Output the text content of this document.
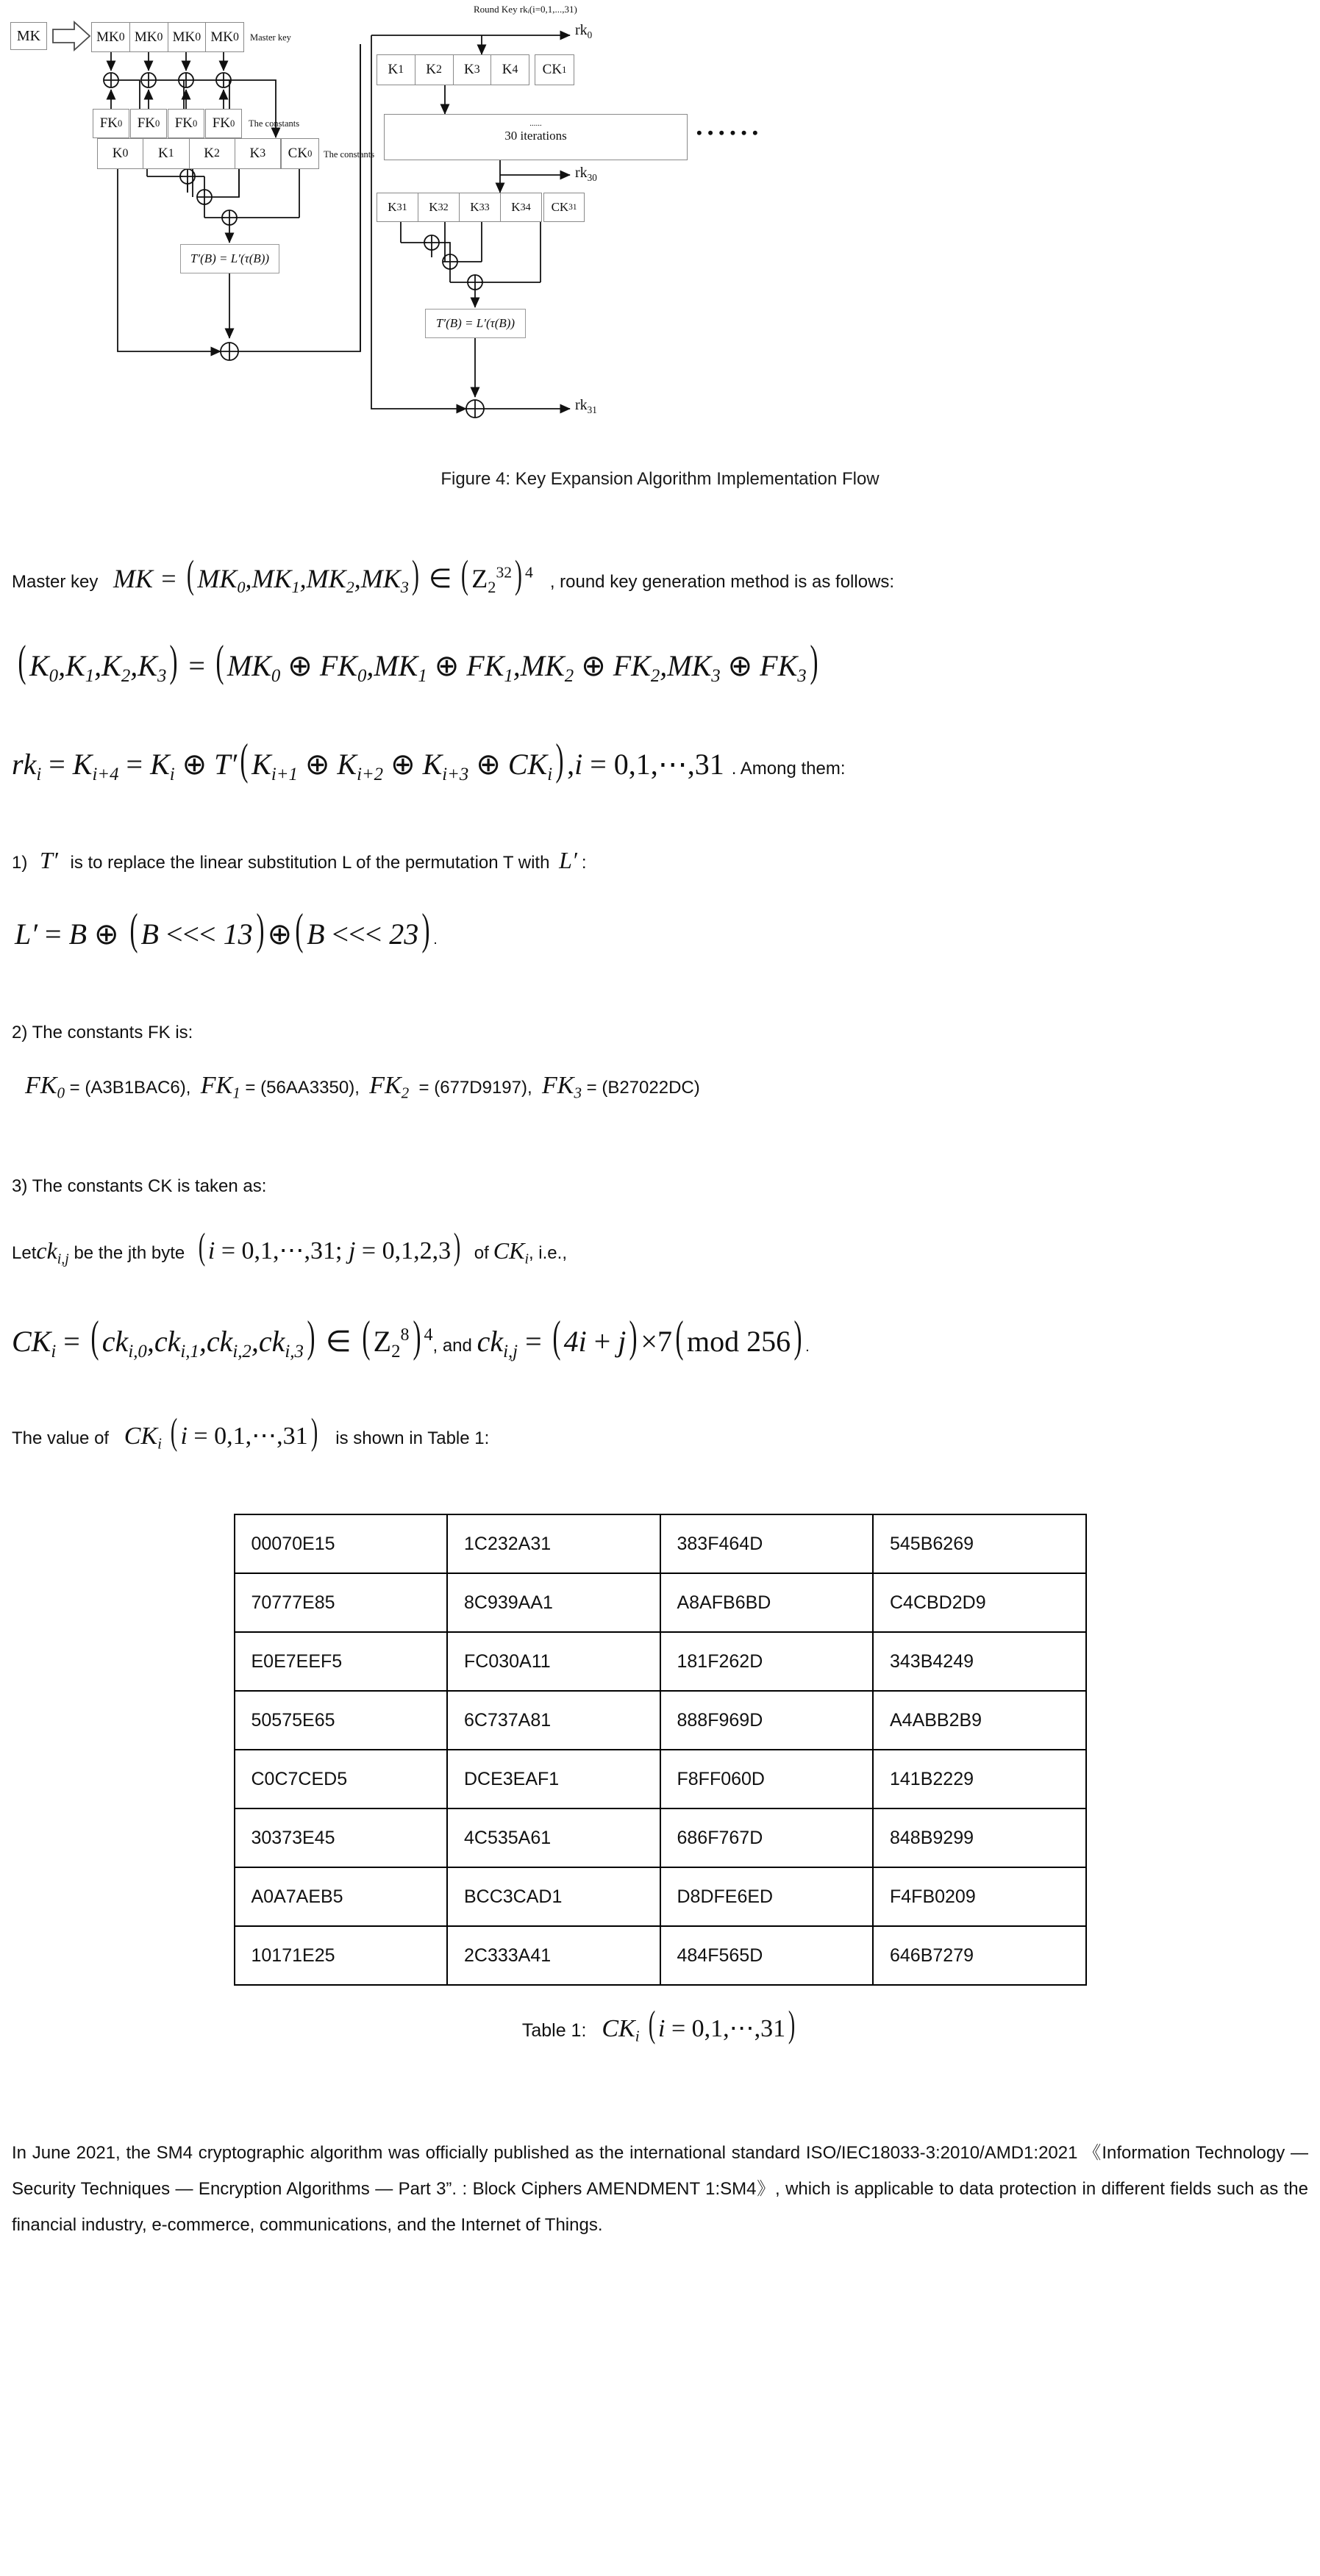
MK	MK 0 MK 0 MK 0 MK 0 Master key
FK 0	FK 0	FK 0	FK 0 The constants
K 0	K 1	K 2	K 3	CK 0 The constants
T′(B) = L′(τ(B))
Round Key rkᵢ(i=0,1,...,31)
$rk_0$
K 1	K 2	K 3	K 4	CK 1
......
30 iterations	• • • • • •
$rk_{30}$
K 31	K 32	K 33	K 34	CK 31
T′(B) = L′(τ(B))
$rk_{31}$
Figure 4: Key Expansion Algorithm Implementation Flow
Master key MK = ( $MK_0,MK_1,MK_2,MK_3$) ∈ ( $Z_2^{32}$) $^4$ , round key generation method is as follows:
( $K_0,K_1,K_2,K_3$) = ( $MK_0$ ⊕ $FK_0,MK_1$ ⊕ $FK_1,MK_2$ ⊕ $FK_2,MK_3$ ⊕ $FK_3$)
$rk_i = K_{i+4} = K_i$ ⊕ T′( $K_{i+1}$ ⊕ $K_{i+2}$ ⊕ $K_{i+3}$ ⊕ $CK_i$) ,i = 0,1,⋯,31 . Among them:
1) T′ is to replace the linear substitution L of the permutation T with L′ :
L′ = B ⊕ ( B <<< 13) ⊕( B <<< 23) .
2) The constants FK is:
$FK_0 = (A3B1BAC6)$,  $FK_1 = (56AA3350)$,  $FK_2 = (677D9197)$,  $FK_3 = (B27022DC)$
3) The constants CK is taken as:
Letck$_{i,j}$ be the jth byte ( i = 0,1,⋯,31; j = 0,1,2,3) of $CK_i$, i.e.,
$CK_i$ = ( $ck_{i,0},ck_{i,1},ck_{i,2},ck_{i,3}$) ∈ ( $Z_2^8$) $^4$, and $ck_{i,j}$ = ( 4i + j) ×7( mod 256) .
The value of $CK_i$ ( i = 0,1,⋯,31) is shown in Table 1:
00070E15	1C232A31	383F464D	545B6269
70777E85	8C939AA1	A8AFB6BD	C4CBD2D9
E0E7EEF5	FC030A11	181F262D	343B4249
50575E65	6C737A81	888F969D	A4ABB2B9
C0C7CED5	DCE3EAF1	F8FF060D	141B2229
30373E45	4C535A61	686F767D	848B9299
A0A7AEB5	BCC3CAD1	D8DFE6ED	F4FB0209
10171E25	2C333A41	484F565D	646B7279
Table 1: $CK_i$ ( i = 0,1,⋯,31)
In June 2021, the SM4 cryptographic algorithm was officially published as the international standard ISO/IEC18033-3:2010/AMD1:2021 《Information Technology — Security Techniques — Encryption Algorithms — Part 3”. : Block Ciphers AMENDMENT 1:SM4》, which is applicable to data protection in different fields such as the financial industry, e-commerce, communications, and the Internet of Things.
